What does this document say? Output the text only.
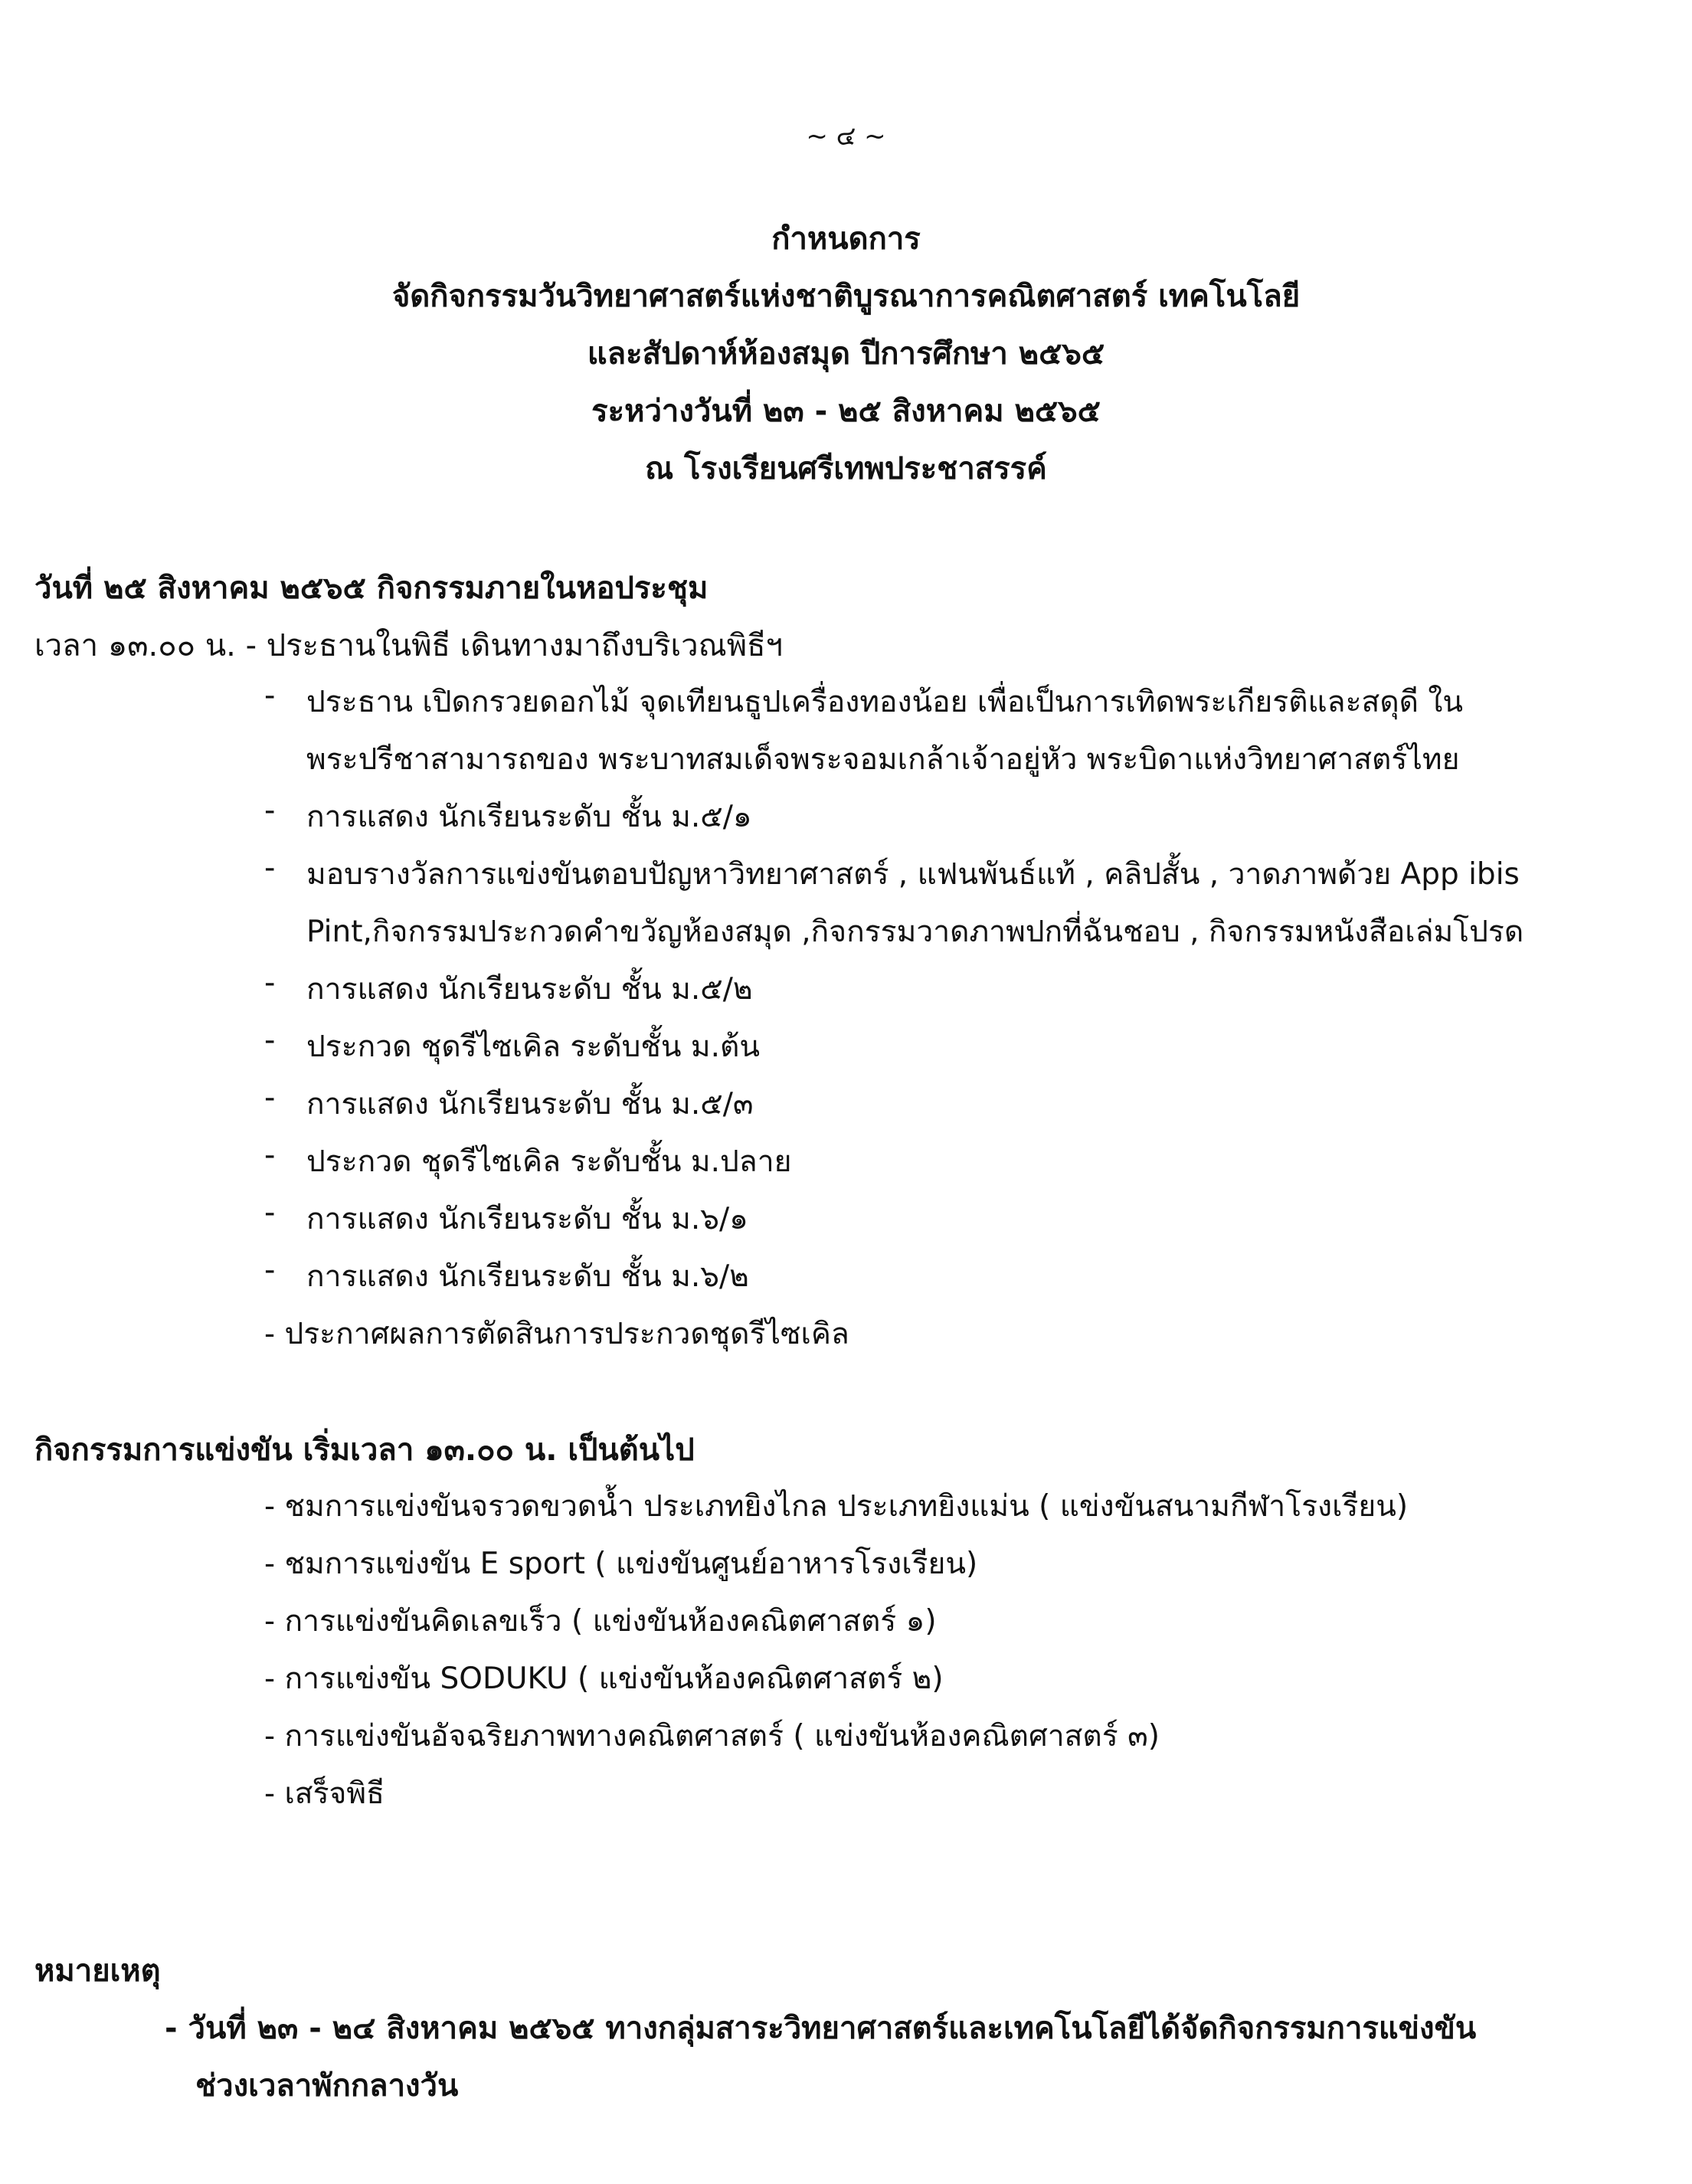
~ ๔ ~
กำหนดการ
จัดกิจกรรมวันวิทยาศาสตร์แห่งชาติบูรณาการคณิตศาสตร์ เทคโนโลยี
และสัปดาห์ห้องสมุด ปีการศึกษา ๒๕๖๕
ระหว่างวันที่ ๒๓ - ๒๕ สิงหาคม ๒๕๖๕
ณ โรงเรียนศรีเทพประชาสรรค์
วันที่ ๒๕ สิงหาคม ๒๕๖๕ กิจกรรมภายในหอประชุม
เวลา ๑๓.๐๐ น. - ประธานในพิธี เดินทางมาถึงบริเวณพิธีฯ
- ประธาน เปิดกรวยดอกไม้ จุดเทียนธูปเครื่องทองน้อย เพื่อเป็นการเทิดพระเกียรติและสดุดี ใน
พระปรีชาสามารถของ พระบาทสมเด็จพระจอมเกล้าเจ้าอยู่หัว พระบิดาแห่งวิทยาศาสตร์ไทย
- การแสดง นักเรียนระดับ ชั้น ม.๕/๑
- มอบรางวัลการแข่งขันตอบปัญหาวิทยาศาสตร์ , แฟนพันธ์แท้ , คลิปสั้น , วาดภาพด้วย App ibis
Pint,กิจกรรมประกวดคำขวัญห้องสมุด ,กิจกรรมวาดภาพปกที่ฉันชอบ , กิจกรรมหนังสือเล่มโปรด
- การแสดง นักเรียนระดับ ชั้น ม.๕/๒
- ประกวด ชุดรีไซเคิล ระดับชั้น ม.ต้น
- การแสดง นักเรียนระดับ ชั้น ม.๕/๓
- ประกวด ชุดรีไซเคิล ระดับชั้น ม.ปลาย
- การแสดง นักเรียนระดับ ชั้น ม.๖/๑
- การแสดง นักเรียนระดับ ชั้น ม.๖/๒
- ประกาศผลการตัดสินการประกวดชุดรีไซเคิล
กิจกรรมการแข่งขัน เริ่มเวลา ๑๓.๐๐ น. เป็นต้นไป
- ชมการแข่งขันจรวดขวดน้ำ ประเภทยิงไกล ประเภทยิงแม่น ( แข่งขันสนามกีฬาโรงเรียน)
- ชมการแข่งขัน E sport ( แข่งขันศูนย์อาหารโรงเรียน)
- การแข่งขันคิดเลขเร็ว ( แข่งขันห้องคณิตศาสตร์ ๑)
- การแข่งขัน SODUKU ( แข่งขันห้องคณิตศาสตร์ ๒)
- การแข่งขันอัจฉริยภาพทางคณิตศาสตร์ ( แข่งขันห้องคณิตศาสตร์ ๓)
- เสร็จพิธี
หมายเหตุ
- วันที่ ๒๓ - ๒๔ สิงหาคม ๒๕๖๕ ทางกลุ่มสาระวิทยาศาสตร์และเทคโนโลยีได้จัดกิจกรรมการแข่งขัน
ช่วงเวลาพักกลางวัน
